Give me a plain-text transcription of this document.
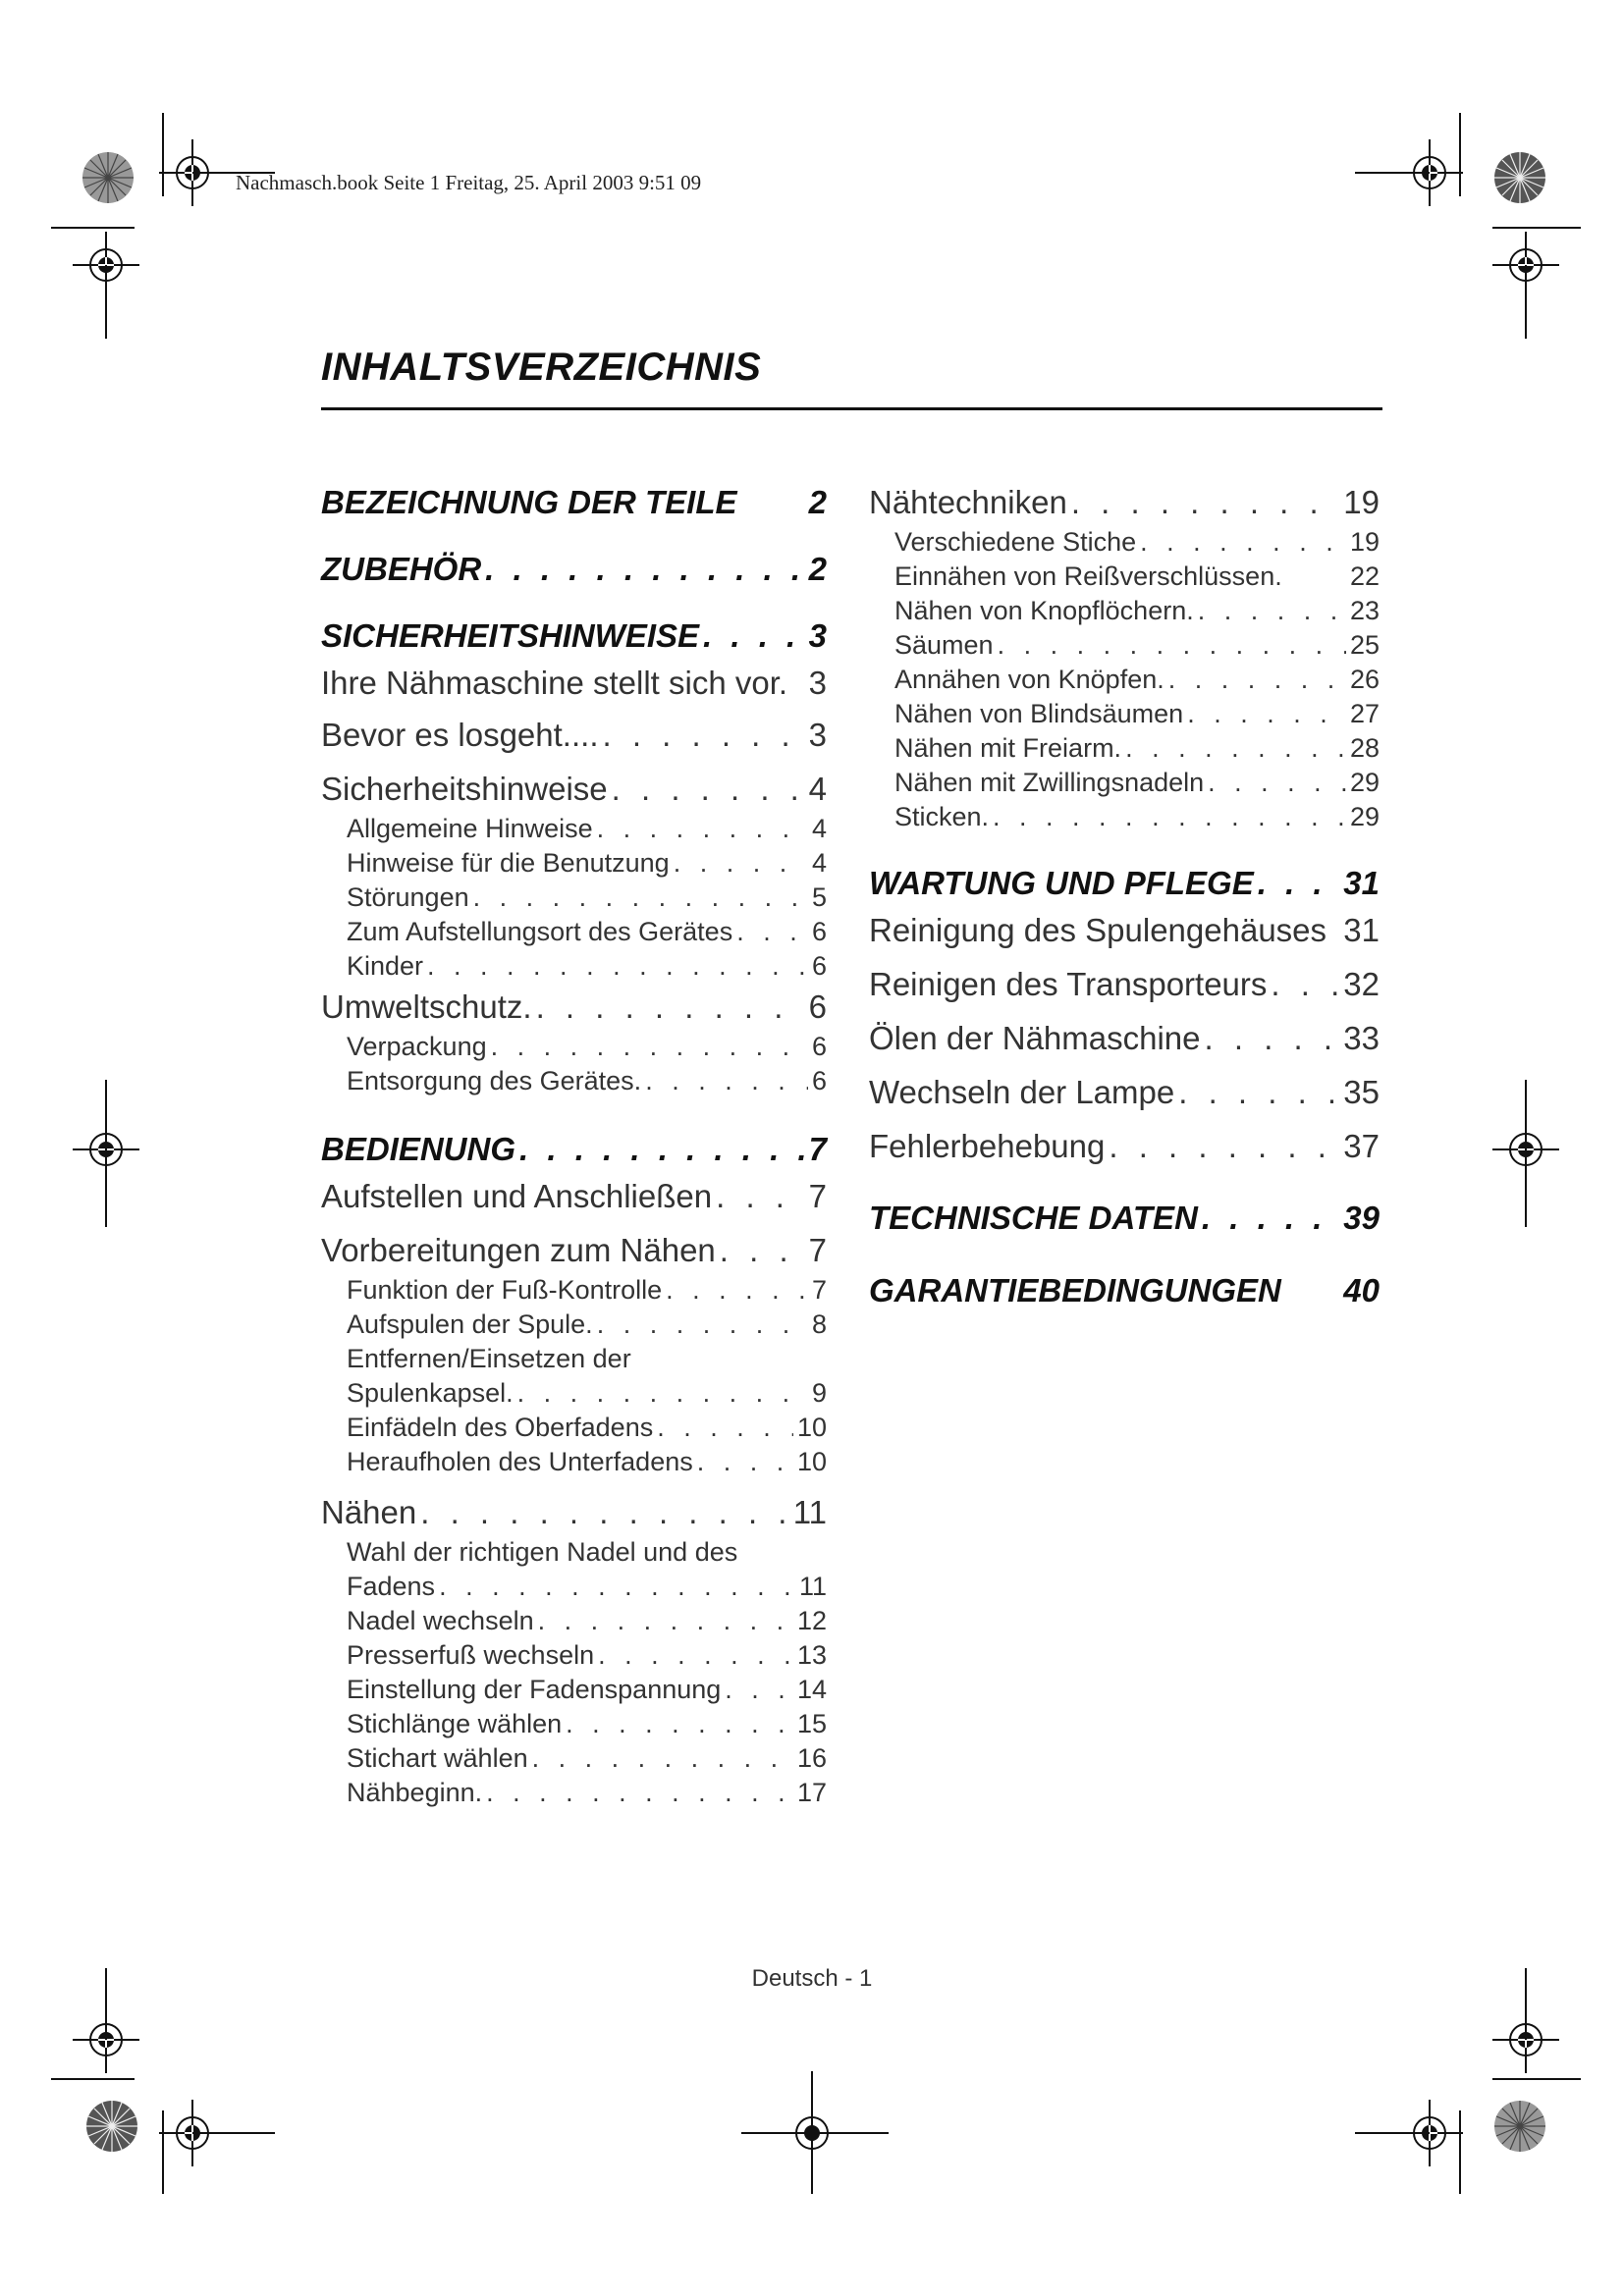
Nachmasch.book Seite 1 Freitag, 25. April 2003 9:51 09
INHALTSVERZEICHNIS
BEZEICHNUNG DER TEILE 2
ZUBEHÖR . . .	2
SICHERHEITSHINWEISE . . .	3
Ihre Nähmaschine stellt sich vor. 3
Bevor es losgeht.... . . .	3
Sicherheitshinweise . . .	4
Allgemeine Hinweise . . .	4
Hinweise für die Benutzung . . .	4
Störungen . . .	5
Zum Aufstellungsort des Gerätes . . .	6
Kinder . . .	6
Umweltschutz. . . .	6
Verpackung . . .	6
Entsorgung des Gerätes. . . .	6
BEDIENUNG . . .	7
Aufstellen und Anschließen . . .	7
Vorbereitungen zum Nähen . . .	7
Funktion der Fuß-Kontrolle . . .	7
Aufspulen der Spule. . . .	8
Entfernen/Einsetzen der
Spulenkapsel. . . .	9
Einfädeln des Oberfadens . . .	10
Heraufholen des Unterfadens . . .	10
Nähen . . .	11
Wahl der richtigen Nadel und des
Fadens . . .	11
Nadel wechseln . . .	12
Presserfuß wechseln . . .	13
Einstellung der Fadenspannung . . .	14
Stichlänge wählen . . .	15
Stichart wählen . . .	16
Nähbeginn. . . .	17
Nähtechniken . . .	19
Verschiedene Stiche . . .	19
Einnähen von Reißverschlüssen.	22
Nähen von Knopflöchern. . . .	23
Säumen . . .	25
Annähen von Knöpfen. . . .	26
Nähen von Blindsäumen . . .	27
Nähen mit Freiarm. . . .	28
Nähen mit Zwillingsnadeln . . .	29
Sticken. . . .	29
WARTUNG UND PFLEGE . . .	31
Reinigung des Spulengehäuses 31
Reinigen des Transporteurs . . . 32
Ölen der Nähmaschine . . .	33
Wechseln der Lampe . . .	35
Fehlerbehebung . . .	37
TECHNISCHE DATEN . . .	39
GARANTIEBEDINGUNGEN 40
Deutsch - 1
